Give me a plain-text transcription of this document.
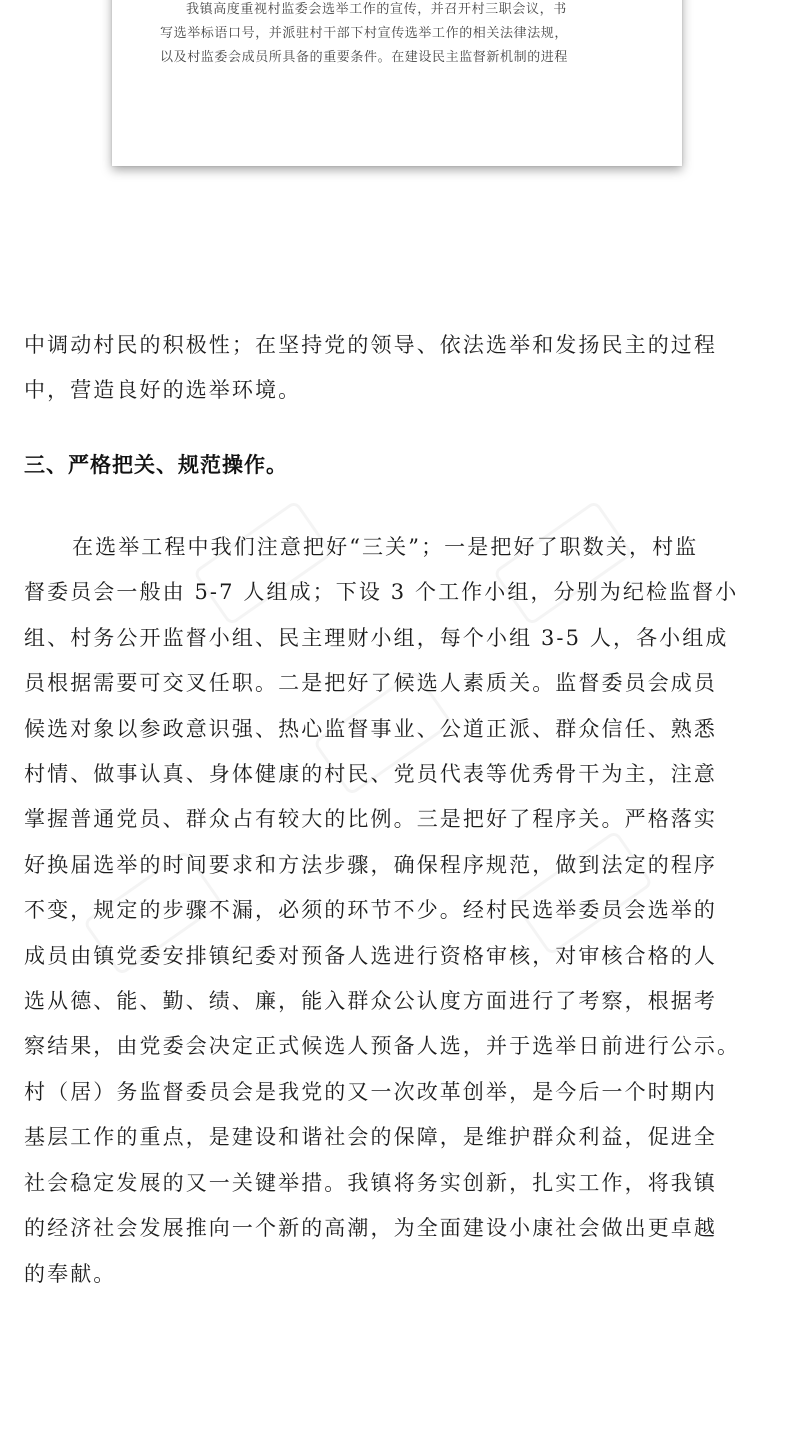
我镇高度重视村监委会选举工作的宣传，并召开村三职会议，书
写选举标语口号，并派驻村干部下村宣传选举工作的相关法律法规，
以及村监委会成员所具备的重要条件。在建设民主监督新机制的进程
中调动村民的积极性；在坚持党的领导、依法选举和发扬民主的过程
中，营造良好的选举环境。
三、严格把关、规范操作。
在选举工程中我们注意把好“三关”；一是把好了职数关，村监
督委员会一般由 5-7 人组成；下设 3 个工作小组，分别为纪检监督小
组、村务公开监督小组、民主理财小组，每个小组 3-5 人，各小组成
员根据需要可交叉任职。二是把好了候选人素质关。监督委员会成员
候选对象以参政意识强、热心监督事业、公道正派、群众信任、熟悉
村情、做事认真、身体健康的村民、党员代表等优秀骨干为主，注意
掌握普通党员、群众占有较大的比例。三是把好了程序关。严格落实
好换届选举的时间要求和方法步骤，确保程序规范，做到法定的程序
不变，规定的步骤不漏，必须的环节不少。经村民选举委员会选举的
成员由镇党委安排镇纪委对预备人选进行资格审核，对审核合格的人
选从德、能、勤、绩、廉，能入群众公认度方面进行了考察，根据考
察结果，由党委会决定正式候选人预备人选，并于选举日前进行公示。
村（居）务监督委员会是我党的又一次改革创举，是今后一个时期内
基层工作的重点，是建设和谐社会的保障，是维护群众利益，促进全
社会稳定发展的又一关键举措。我镇将务实创新，扎实工作，将我镇
的经济社会发展推向一个新的高潮，为全面建设小康社会做出更卓越
的奉献。
